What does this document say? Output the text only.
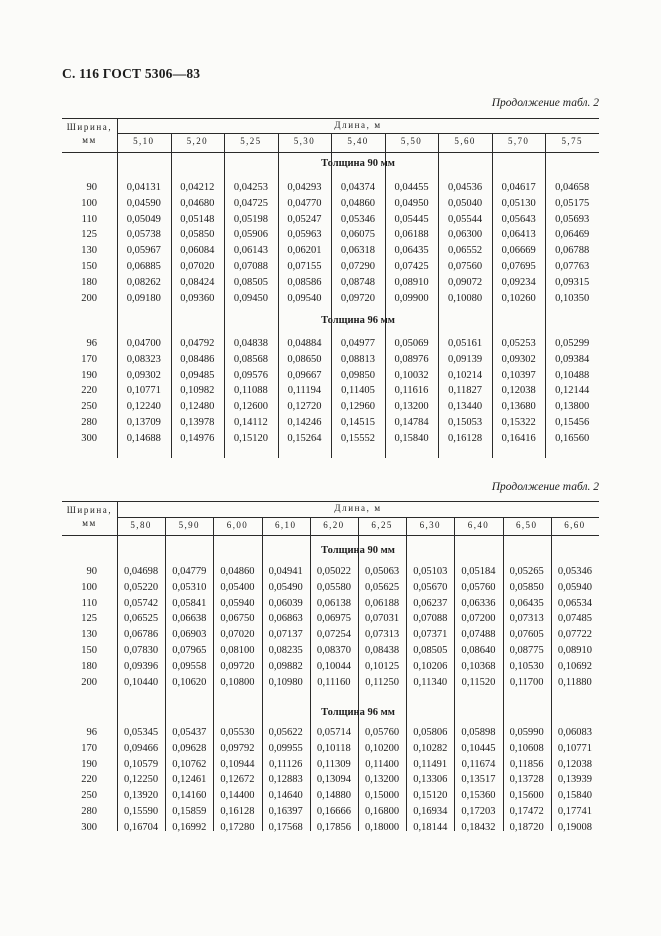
С. 116 ГОСТ 5306—83
Продолжение табл. 2
Ширина, мм
Длина, м
5,10	5,20	5,25	5,30	5,40	5,50	5,60	5,70	5,75
Толщина 90 мм
90	0,04131	0,04212	0,04253	0,04293	0,04374	0,04455	0,04536	0,04617	0,04658
100	0,04590	0,04680	0,04725	0,04770	0,04860	0,04950	0,05040	0,05130	0,05175
110	0,05049	0,05148	0,05198	0,05247	0,05346	0,05445	0,05544	0,05643	0,05693
125	0,05738	0,05850	0,05906	0,05963	0,06075	0,06188	0,06300	0,06413	0,06469
130	0,05967	0,06084	0,06143	0,06201	0,06318	0,06435	0,06552	0,06669	0,06788
150	0,06885	0,07020	0,07088	0,07155	0,07290	0,07425	0,07560	0,07695	0,07763
180	0,08262	0,08424	0,08505	0,08586	0,08748	0,08910	0,09072	0,09234	0,09315
200	0,09180	0,09360	0,09450	0,09540	0,09720	0,09900	0,10080	0,10260	0,10350
Толщина 96 мм
96	0,04700	0,04792	0,04838	0,04884	0,04977	0,05069	0,05161	0,05253	0,05299
170	0,08323	0,08486	0,08568	0,08650	0,08813	0,08976	0,09139	0,09302	0,09384
190	0,09302	0,09485	0,09576	0,09667	0,09850	0,10032	0,10214	0,10397	0,10488
220	0,10771	0,10982	0,11088	0,11194	0,11405	0,11616	0,11827	0,12038	0,12144
250	0,12240	0,12480	0,12600	0,12720	0,12960	0,13200	0,13440	0,13680	0,13800
280	0,13709	0,13978	0,14112	0,14246	0,14515	0,14784	0,15053	0,15322	0,15456
300	0,14688	0,14976	0,15120	0,15264	0,15552	0,15840	0,16128	0,16416	0,16560
Продолжение табл. 2
Ширина, мм
Длина, м
5,80	5,90	6,00	6,10	6,20	6,25	6,30	6,40	6,50	6,60
Толщина 90 мм
90	0,04698	0,04779	0,04860	0,04941	0,05022	0,05063	0,05103	0,05184	0,05265	0,05346
100	0,05220	0,05310	0,05400	0,05490	0,05580	0,05625	0,05670	0,05760	0,05850	0,05940
110	0,05742	0,05841	0,05940	0,06039	0,06138	0,06188	0,06237	0,06336	0,06435	0,06534
125	0,06525	0,06638	0,06750	0,06863	0,06975	0,07031	0,07088	0,07200	0,07313	0,07485
130	0,06786	0,06903	0,07020	0,07137	0,07254	0,07313	0,07371	0,07488	0,07605	0,07722
150	0,07830	0,07965	0,08100	0,08235	0,08370	0,08438	0,08505	0,08640	0,08775	0,08910
180	0,09396	0,09558	0,09720	0,09882	0,10044	0,10125	0,10206	0,10368	0,10530	0,10692
200	0,10440	0,10620	0,10800	0,10980	0,11160	0,11250	0,11340	0,11520	0,11700	0,11880
Толщина 96 мм
96	0,05345	0,05437	0,05530	0,05622	0,05714	0,05760	0,05806	0,05898	0,05990	0,06083
170	0,09466	0,09628	0,09792	0,09955	0,10118	0,10200	0,10282	0,10445	0,10608	0,10771
190	0,10579	0,10762	0,10944	0,11126	0,11309	0,11400	0,11491	0,11674	0,11856	0,12038
220	0,12250	0,12461	0,12672	0,12883	0,13094	0,13200	0,13306	0,13517	0,13728	0,13939
250	0,13920	0,14160	0,14400	0,14640	0,14880	0,15000	0,15120	0,15360	0,15600	0,15840
280	0,15590	0,15859	0,16128	0,16397	0,16666	0,16800	0,16934	0,17203	0,17472	0,17741
300	0,16704	0,16992	0,17280	0,17568	0,17856	0,18000	0,18144	0,18432	0,18720	0,19008
